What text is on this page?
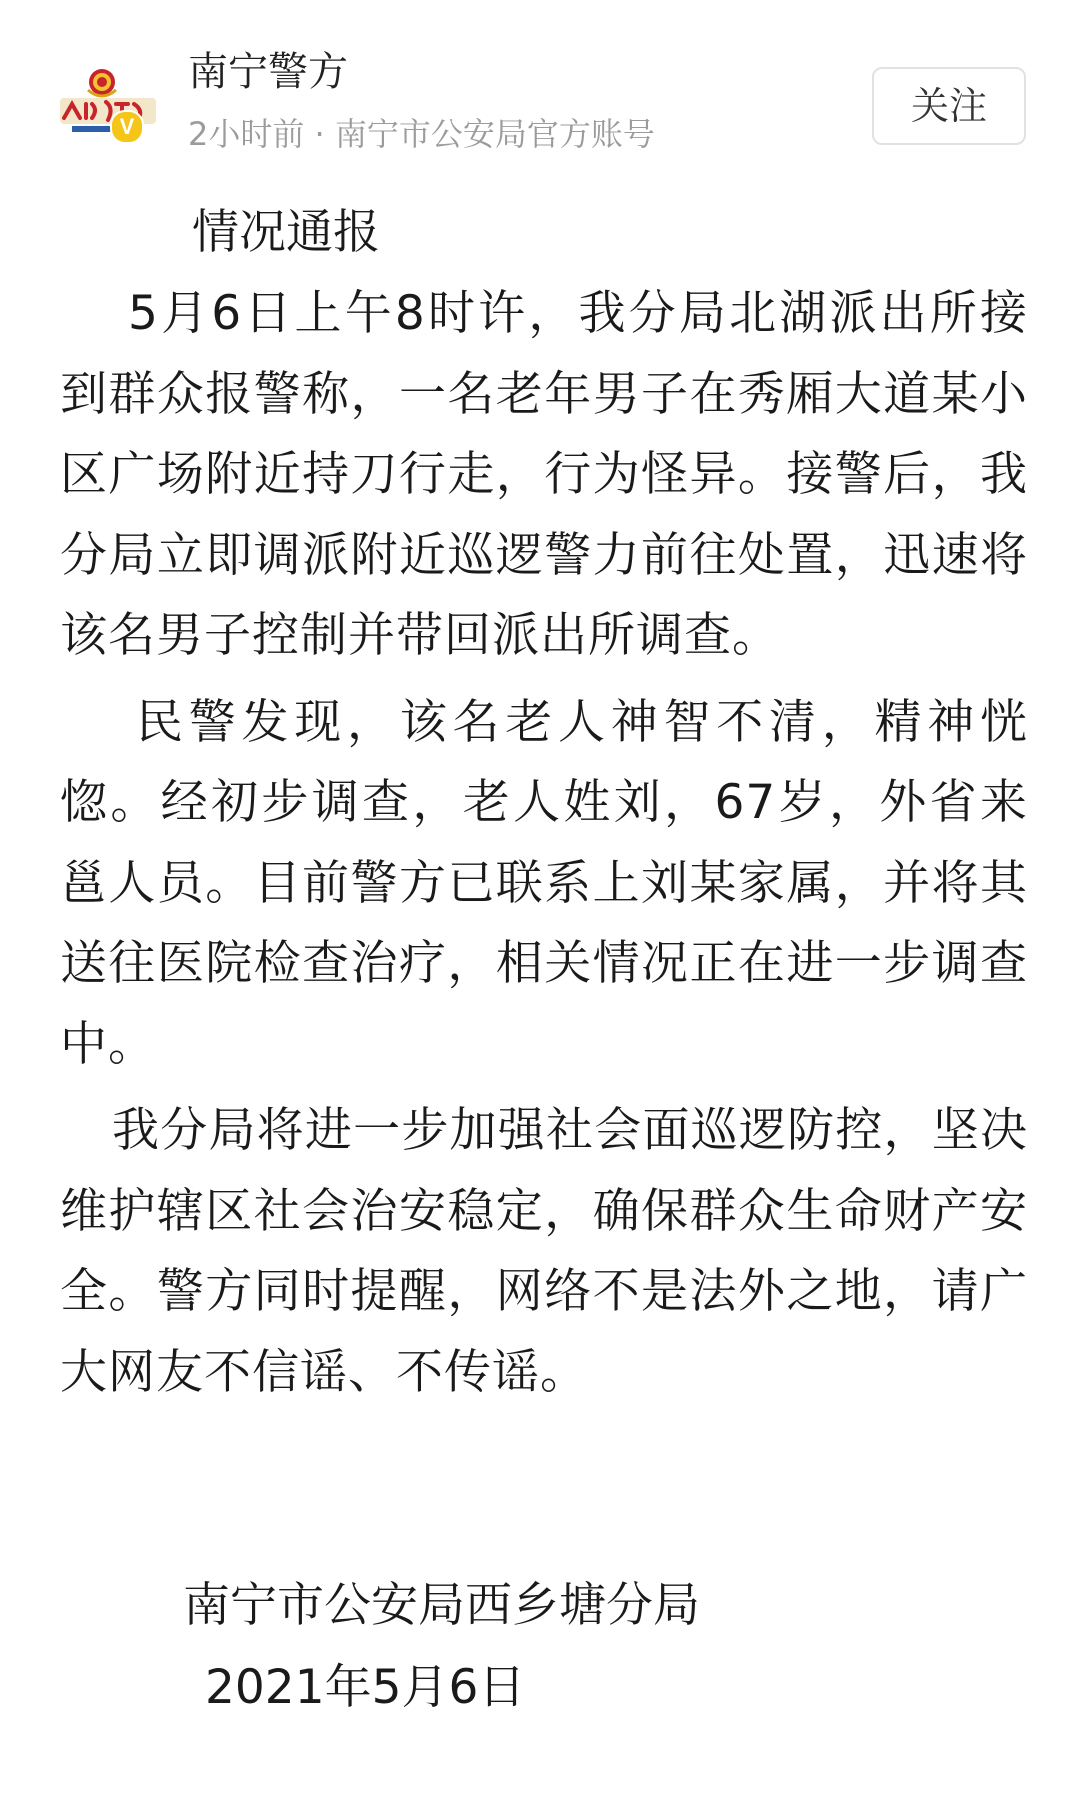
V
南宁警方
2小时前 · 南宁市公安局官方账号
关注
情况通报
5月6日上午8时许，我分局北湖派出所接到群众报警称，一名老年男子在秀厢大道某小区广场附近持刀行走，行为怪异。接警后，我分局立即调派附近巡逻警力前往处置，迅速将该名男子控制并带回派出所调查。
民警发现，该名老人神智不清，精神恍惚。经初步调查，老人姓刘，67岁，外省来邕人员。目前警方已联系上刘某家属，并将其送往医院检查治疗，相关情况正在进一步调查中。
我分局将进一步加强社会面巡逻防控，坚决维护辖区社会治安稳定，确保群众生命财产安全。警方同时提醒，网络不是法外之地，请广大网友不信谣、不传谣。
南宁市公安局西乡塘分局
2021年5月6日
